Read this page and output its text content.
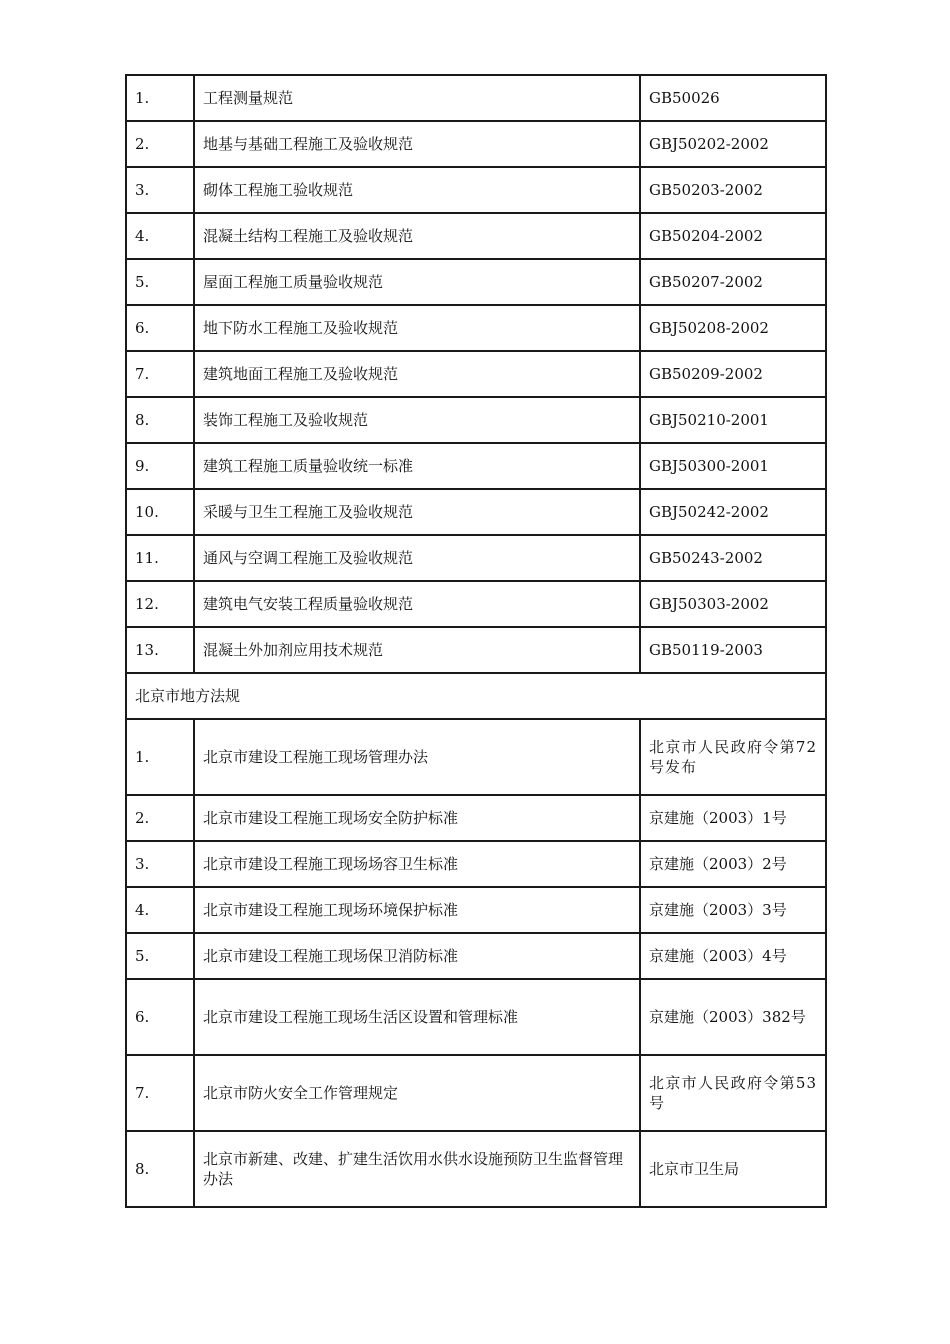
1.	工程测量规范	GB50026
2.	地基与基础工程施工及验收规范	GBJ50202-2002
3.	砌体工程施工验收规范	GB50203-2002
4.	混凝土结构工程施工及验收规范	GB50204-2002
5.	屋面工程施工质量验收规范	GB50207-2002
6.	地下防水工程施工及验收规范	GBJ50208-2002
7.	建筑地面工程施工及验收规范	GB50209-2002
8.	装饰工程施工及验收规范	GBJ50210-2001
9.	建筑工程施工质量验收统一标准	GBJ50300-2001
10.	采暖与卫生工程施工及验收规范	GBJ50242-2002
11.	通风与空调工程施工及验收规范	GB50243-2002
12.	建筑电气安装工程质量验收规范	GBJ50303-2002
13.	混凝土外加剂应用技术规范	GB50119-2003
北京市地方法规		
1.	北京市建设工程施工现场管理办法	北京市人民政府令第72号发布
2.	北京市建设工程施工现场安全防护标准	京建施（2003）1号
3.	北京市建设工程施工现场场容卫生标准	京建施（2003）2号
4.	北京市建设工程施工现场环境保护标准	京建施（2003）3号
5.	北京市建设工程施工现场保卫消防标准	京建施（2003）4号
6.	北京市建设工程施工现场生活区设置和管理标准	京建施（2003）382号
7.	北京市防火安全工作管理规定	北京市人民政府令第53号
8.	北京市新建、改建、扩建生活饮用水供水设施预防卫生监督管理办法	北京市卫生局
